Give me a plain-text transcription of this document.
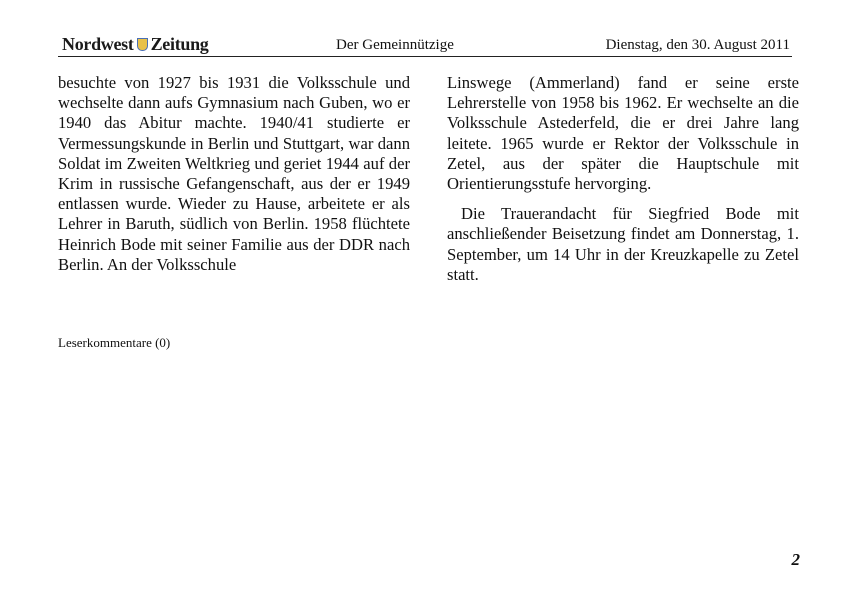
Nordwest Zeitung	Der Gemeinnützige	Dienstag, den 30. August 2011

besuchte von 1927 bis 1931 die Volksschule und wechselte dann aufs Gymnasium nach Guben, wo er 1940 das Abitur machte. 1940/41 studierte er Vermessungskunde in Berlin und Stuttgart, war dann Soldat im Zweiten Weltkrieg und geriet 1944 auf der Krim in russische Gefangenschaft, aus der er 1949 entlassen wurde. Wieder zu Hause, arbeitete er als Lehrer in Baruth, südlich von Berlin. 1958 flüchtete Heinrich Bode mit seiner Familie aus der DDR nach Berlin. An der Volksschule

Linswege (Ammerland) fand er seine erste Lehrerstelle von 1958 bis 1962. Er wechselte an die Volksschule Astederfeld, die er drei Jahre lang leitete. 1965 wurde er Rektor der Volksschule in Zetel, aus der später die Hauptschule mit Orientierungsstufe hervorging.

Die Trauerandacht für Siegfried Bode mit anschließender Beisetzung findet am Donnerstag, 1. September, um 14 Uhr in der Kreuzkapelle zu Zetel statt.

Leserkommentare (0)
2
